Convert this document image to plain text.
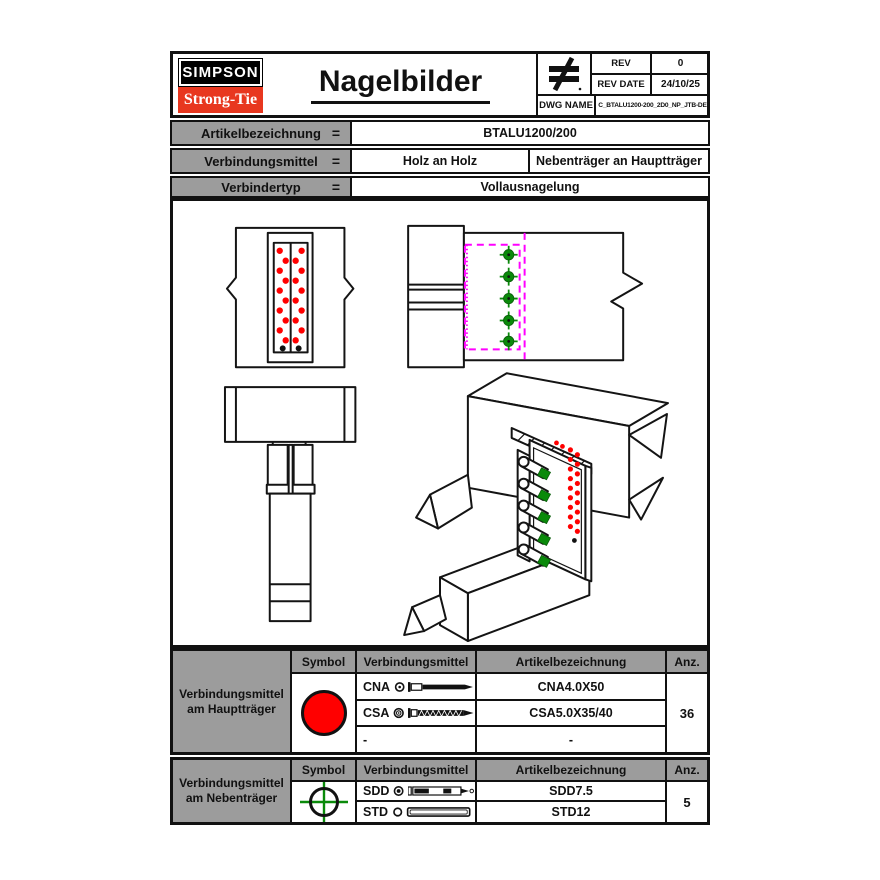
SIMPSON
Strong-Tie
Nagelbilder
REV	0
REV DATE 24/10/25
DWG NAME C_BTALU1200-200_2D0_NP_JTB-DE
Artikelbezeichnung =	BTALU1200/200
Verbindungsmittel =	Holz an Holz	Nebenträger an Hauptträger
Verbindertyp =	Vollausnagelung
Verbindungsmittel
am Hauptträger
Symbol Verbindungsmittel	Artikelbezeichnung	Anz.
CNA	CNA4.0X50
CSA	CSA5.0X35/40
-	-
36
Verbindungsmittel
am Nebenträger
Symbol Verbindungsmittel	Artikelbezeichnung	Anz.
SDD	SDD7.5
STD	STD12
5
